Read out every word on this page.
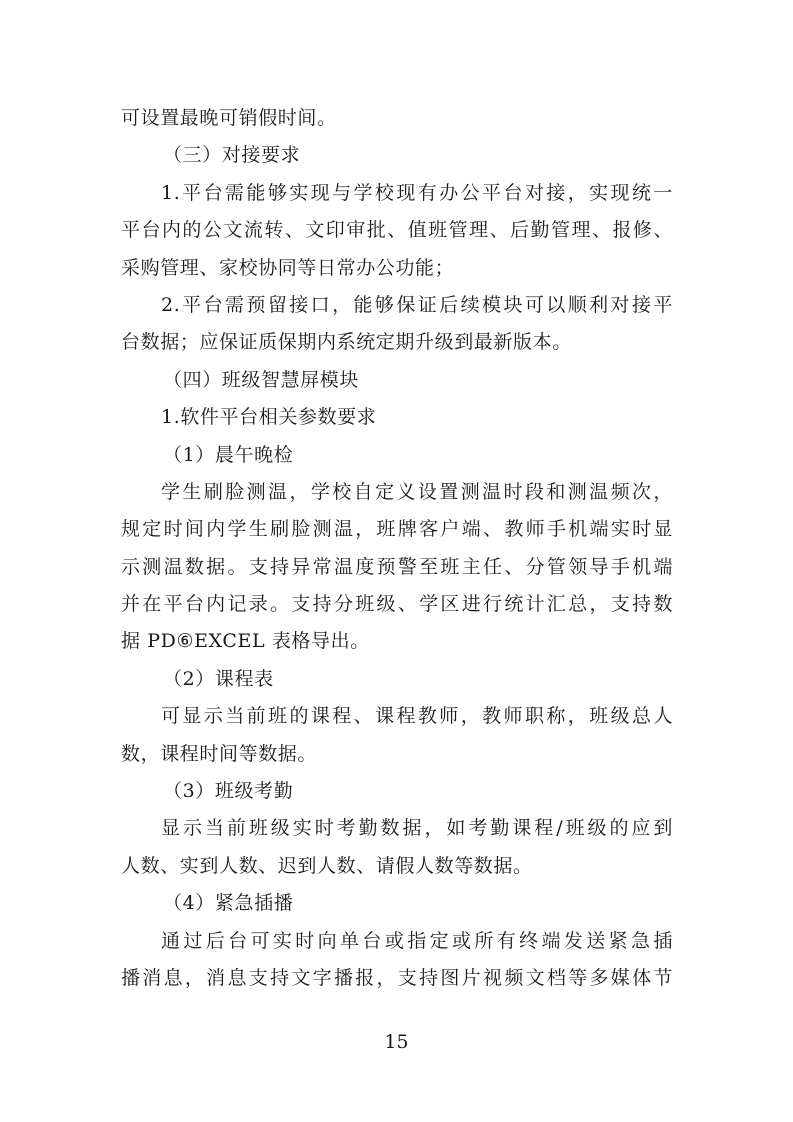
可设置最晚可销假时间。
（三）对接要求
1.平台需能够实现与学校现有办公平台对接，实现统一
平台内的公文流转、文印审批、值班管理、后勤管理、报修、
采购管理、家校协同等日常办公功能；
2.平台需预留接口，能够保证后续模块可以顺利对接平
台数据；应保证质保期内系统定期升级到最新版本。
（四）班级智慧屏模块
1.软件平台相关参数要求
（1）晨午晚检
学生刷脸测温，学校自定义设置测温时段和测温频次，
规定时间内学生刷脸测温，班牌客户端、教师手机端实时显
示测温数据。支持异常温度预警至班主任、分管领导手机端
并在平台内记录。支持分班级、学区进行统计汇总，支持数
据 PD⑥EXCEL 表格导出。
（2）课程表
可显示当前班的课程、课程教师，教师职称，班级总人
数，课程时间等数据。
（3）班级考勤
显示当前班级实时考勤数据，如考勤课程/班级的应到
人数、实到人数、迟到人数、请假人数等数据。
（4）紧急插播
通过后台可实时向单台或指定或所有终端发送紧急插
播消息，消息支持文字播报，支持图片视频文档等多媒体节
15
